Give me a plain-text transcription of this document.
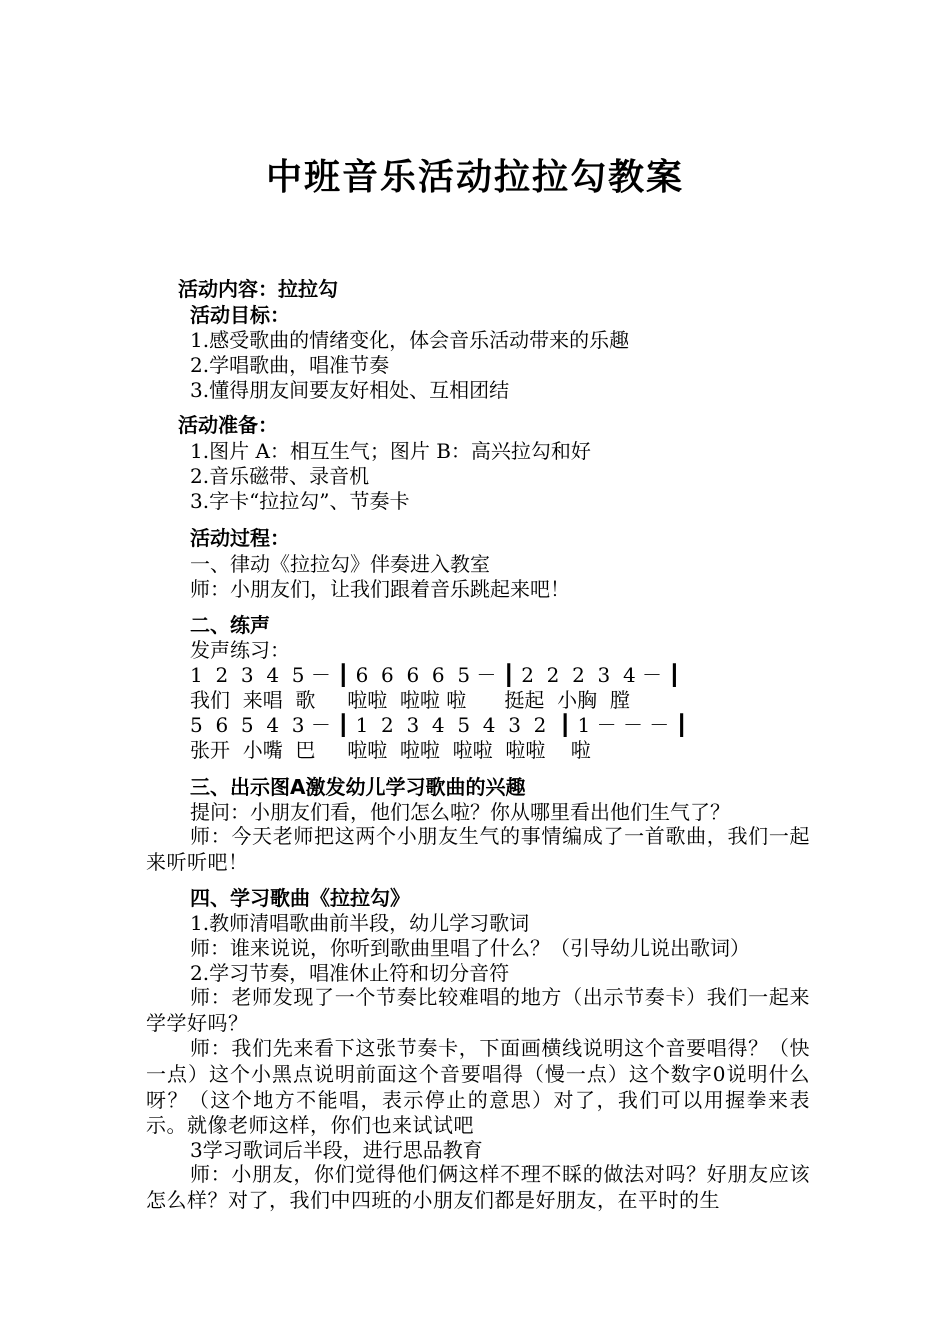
中班音乐活动拉拉勾教案
活动内容：拉拉勾
活动目标：
1.感受歌曲的情绪变化，体会音乐活动带来的乐趣
2.学唱歌曲，唱准节奏
3.懂得朋友间要友好相处、互相团结
活动准备：
1.图片 A：相互生气；图片 B：高兴拉勾和好
2.音乐磁带、录音机
3.字卡“拉拉勾”、节奏卡
活动过程：
一、律动《拉拉勾》伴奏进入教室
师：小朋友们，让我们跟着音乐跳起来吧！
二、练声
发声练习：
1  2  3  4  5 － ┃ 6  6  6  6  5 － ┃ 2  2  2  3  4 － ┃
我们  来唱  歌     啦啦  啦啦 啦      挺起  小胸  膛
5  6  5  4  3 － ┃ 1  2  3  4  5  4  3  2  ┃ 1 － － － ┃
张开  小嘴  巴     啦啦  啦啦  啦啦  啦啦    啦
三、出示图A激发幼儿学习歌曲的兴趣
提问：小朋友们看，他们怎么啦？你从哪里看出他们生气了？
师：今天老师把这两个小朋友生气的事情编成了一首歌曲，我们一起来听听吧！
四、学习歌曲《拉拉勾》
1.教师清唱歌曲前半段，幼儿学习歌词
师：谁来说说，你听到歌曲里唱了什么？（引导幼儿说出歌词）
2.学习节奏，唱准休止符和切分音符
师：老师发现了一个节奏比较难唱的地方（出示节奏卡）我们一起来学学好吗？
师：我们先来看下这张节奏卡，下面画横线说明这个音要唱得？（快一点）这个小黑点说明前面这个音要唱得（慢一点）这个数字0说明什么呀？（这个地方不能唱，表示停止的意思）对了，我们可以用握拳来表示。就像老师这样，你们也来试试吧
3学习歌词后半段，进行思品教育
师：小朋友，你们觉得他们俩这样不理不睬的做法对吗？好朋友应该怎么样？对了，我们中四班的小朋友们都是好朋友，在平时的生
